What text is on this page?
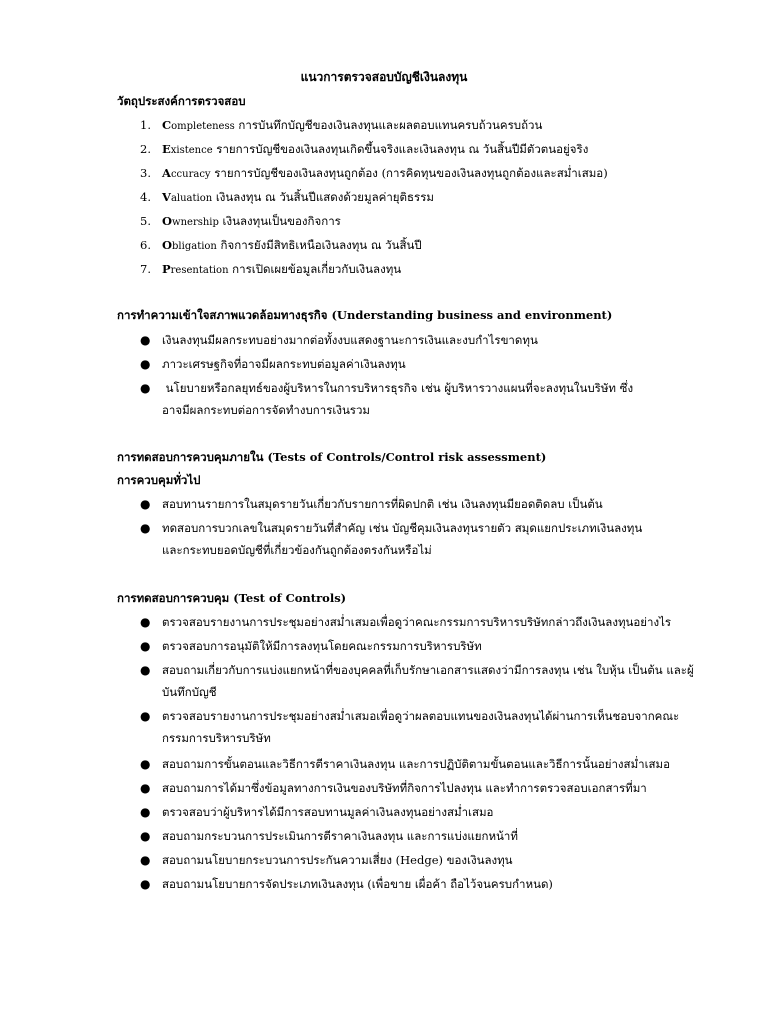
แนวการตรวจสอบบัญชีเงินลงทุน
วัตถุประสงค์การตรวจสอบ
1. Completeness การบันทึกบัญชีของเงินลงทุนและผลตอบแทนครบถ้วนครบถ้วน
2. Existence รายการบัญชีของเงินลงทุนเกิดขึ้นจริงและเงินลงทุน ณ วันสิ้นปีมีตัวตนอยู่จริง
3. Accuracy รายการบัญชีของเงินลงทุนถูกต้อง (การคิดทุนของเงินลงทุนถูกต้องและสม่ำเสมอ)
4. Valuation เงินลงทุน ณ วันสิ้นปีแสดงด้วยมูลค่ายุติธรรม
5. Ownership เงินลงทุนเป็นของกิจการ
6. Obligation กิจการยังมีสิทธิเหนือเงินลงทุน ณ วันสิ้นปี
7. Presentation การเปิดเผยข้อมูลเกี่ยวกับเงินลงทุน
การทำความเข้าใจสภาพแวดล้อมทางธุรกิจ (Understanding business and environment)
● เงินลงทุนมีผลกระทบอย่างมากต่อทั้งงบแสดงฐานะการเงินและงบกำไรขาดทุน
● ภาวะเศรษฐกิจที่อาจมีผลกระทบต่อมูลค่าเงินลงทุน
● นโยบายหรือกลยุทธ์ของผู้บริหารในการบริหารธุรกิจ เช่น ผู้บริหารวางแผนที่จะลงทุนในบริษัท ซึ่ง
อาจมีผลกระทบต่อการจัดทำงบการเงินรวม
การทดสอบการควบคุมภายใน (Tests of Controls/Control risk assessment)
การควบคุมทั่วไป
● สอบทานรายการในสมุดรายวันเกี่ยวกับรายการที่ผิดปกติ เช่น เงินลงทุนมียอดติดลบ เป็นต้น
● ทดสอบการบวกเลขในสมุดรายวันที่สำคัญ เช่น บัญชีคุมเงินลงทุนรายตัว สมุดแยกประเภทเงินลงทุน
และกระทบยอดบัญชีที่เกี่ยวข้องกันถูกต้องตรงกันหรือไม่
การทดสอบการควบคุม (Test of Controls)
● ตรวจสอบรายงานการประชุมอย่างสม่ำเสมอเพื่อดูว่าคณะกรรมการบริหารบริษัทกล่าวถึงเงินลงทุนอย่างไร
● ตรวจสอบการอนุมัติให้มีการลงทุนโดยคณะกรรมการบริหารบริษัท
● สอบถามเกี่ยวกับการแบ่งแยกหน้าที่ของบุคคลที่เก็บรักษาเอกสารแสดงว่ามีการลงทุน เช่น ใบหุ้น เป็นต้น และผู้
บันทึกบัญชี
● ตรวจสอบรายงานการประชุมอย่างสม่ำเสมอเพื่อดูว่าผลตอบแทนของเงินลงทุนได้ผ่านการเห็นชอบจากคณะ
กรรมการบริหารบริษัท
● สอบถามการขั้นตอนและวิธีการตีราคาเงินลงทุน และการปฏิบัติตามขั้นตอนและวิธีการนั้นอย่างสม่ำเสมอ
● สอบถามการได้มาซึ่งข้อมูลทางการเงินของบริษัทที่กิจการไปลงทุน และทำการตรวจสอบเอกสารที่มา
● ตรวจสอบว่าผู้บริหารได้มีการสอบทานมูลค่าเงินลงทุนอย่างสม่ำเสมอ
● สอบถามกระบวนการประเมินการตีราคาเงินลงทุน และการแบ่งแยกหน้าที่
● สอบถามนโยบายกระบวนการประกันความเสี่ยง (Hedge) ของเงินลงทุน
● สอบถามนโยบายการจัดประเภทเงินลงทุน (เพื่อขาย เผื่อค้า ถือไว้จนครบกำหนด)
